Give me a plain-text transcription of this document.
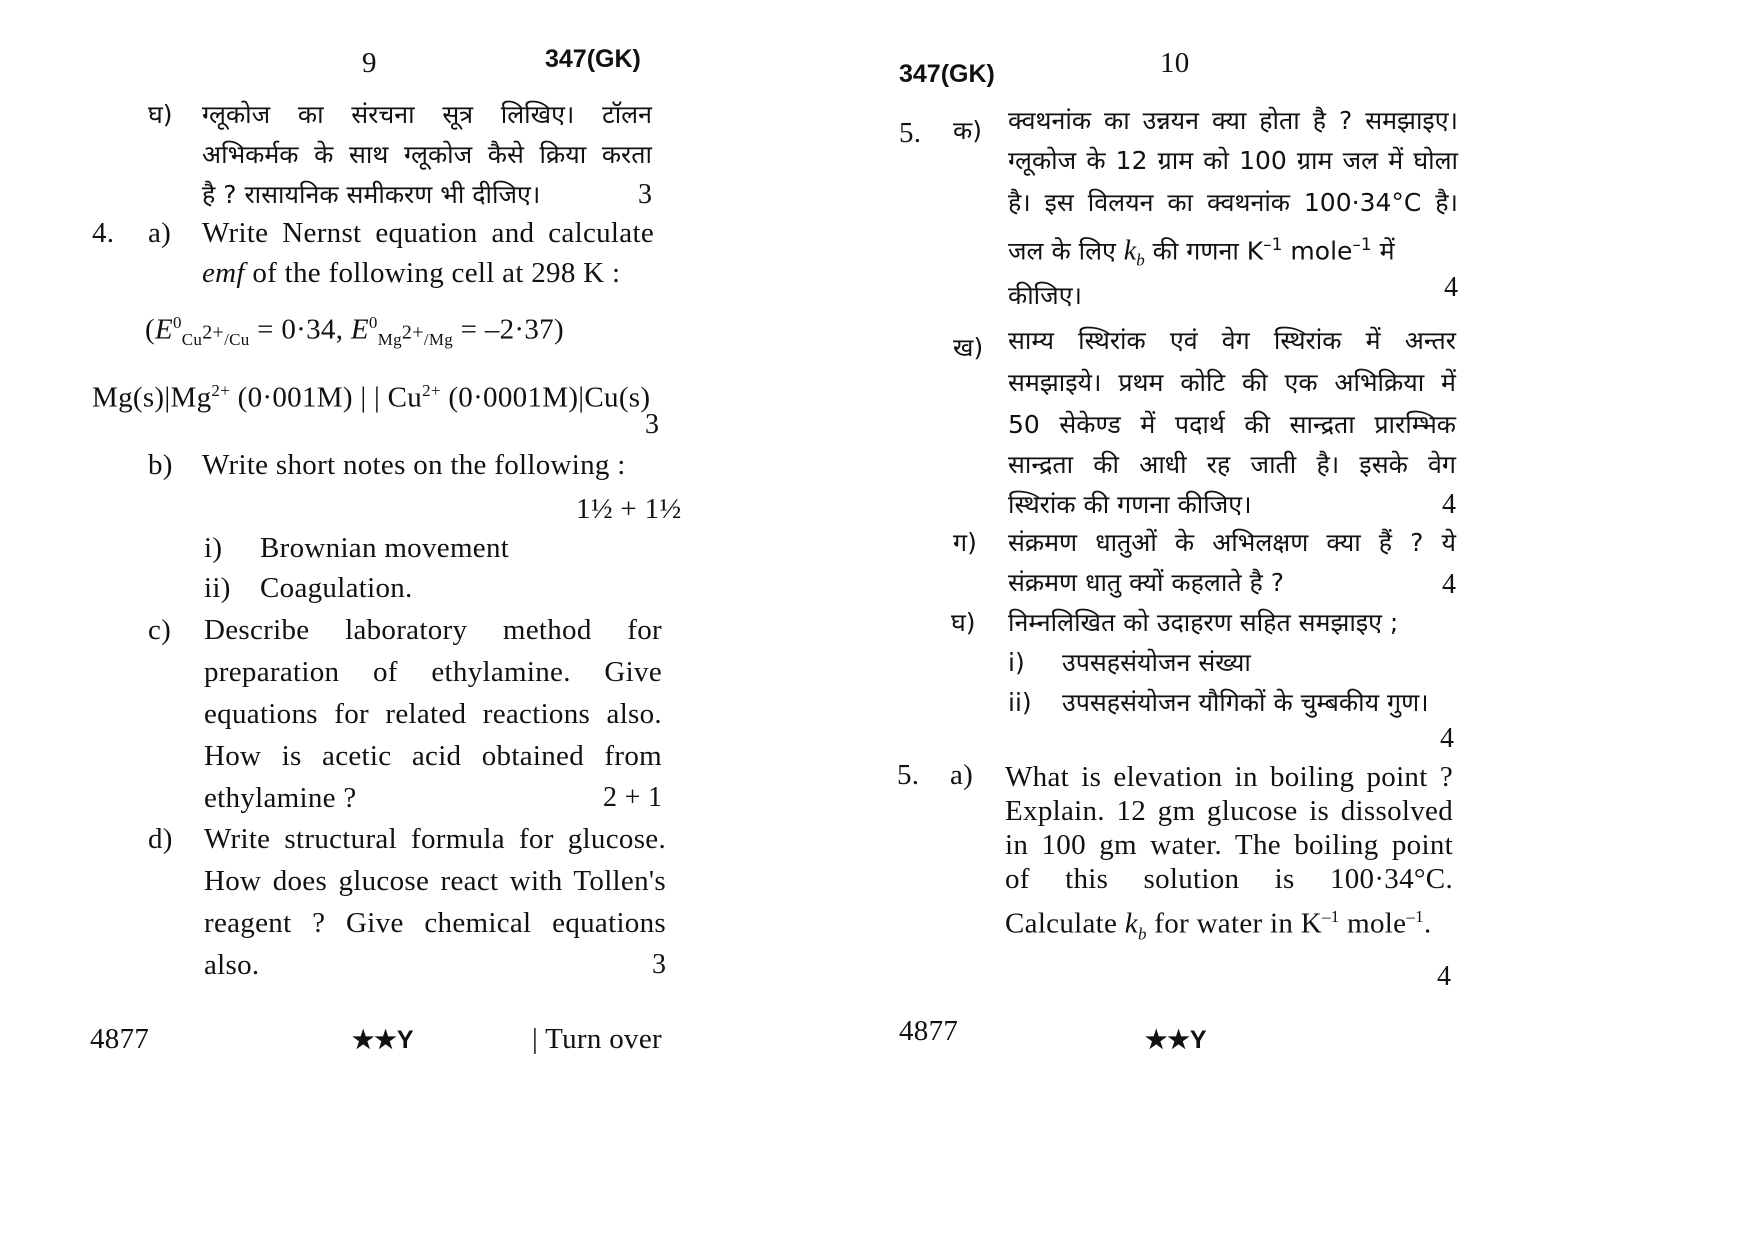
9	347(GK)
घ) ग्लूकोज का संरचना सूत्र लिखिए। टॉलन
अभिकर्मक के साथ ग्लूकोज कैसे क्रिया करता
है ? रासायनिक समीकरण भी दीजिए।	3
4. a) Write Nernst equation and calculate
emf of the following cell at 298 K :
($E^0_{Cu^{2+}/Cu} = 0\cdot 34$, $E^0_{Mg^{2+}/Mg} = -2\cdot 37$)
$Mg(s)|Mg^{2+}$ (0·001M) | | $Cu^{2+}$ (0·0001M)|Cu(s)
3
b) Write short notes on the following :
1½ + 1½
i) Brownian movement
ii) Coagulation.
c) Describe laboratory method for
preparation of ethylamine. Give
equations for related reactions also.
How is acetic acid obtained from
ethylamine ?	2 + 1
d) Write structural formula for glucose.
How does glucose react with Tollen's
reagent ? Give chemical equations
also.	3
4877	★★Y	| Turn over
347(GK)	10
5. क) क्वथनांक का उन्नयन क्या होता है ? समझाइए।
ग्लूकोज के 12 ग्राम को 100 ग्राम जल में घोला
है। इस विलयन का क्वथनांक 100·34°C है।
जल के लिए $k_b$ की गणना $K^{-1}$ mole$^{-1}$ में
कीजिए।	4
ख) साम्य स्थिरांक एवं वेग स्थिरांक में अन्तर
समझाइये। प्रथम कोटि की एक अभिक्रिया में
50 सेकेण्ड में पदार्थ की सान्द्रता प्रारम्भिक
सान्द्रता की आधी रह जाती है। इसके वेग
स्थिरांक की गणना कीजिए।	4
ग) संक्रमण धातुओं के अभिलक्षण क्या हैं ? ये
संक्रमण धातु क्यों कहलाते है ?	4
घ) निम्नलिखित को उदाहरण सहित समझाइए ;
i) उपसहसंयोजन संख्या
ii) उपसहसंयोजन यौगिकों के चुम्बकीय गुण।
4
5. a) What is elevation in boiling point ?
Explain. 12 gm glucose is dissolved
in 100 gm water. The boiling point
of this solution is 100·34°C.
Calculate $k_b$ for water in $K^{-1}$ mole$^{-1}$.
4
4877	★★Y
